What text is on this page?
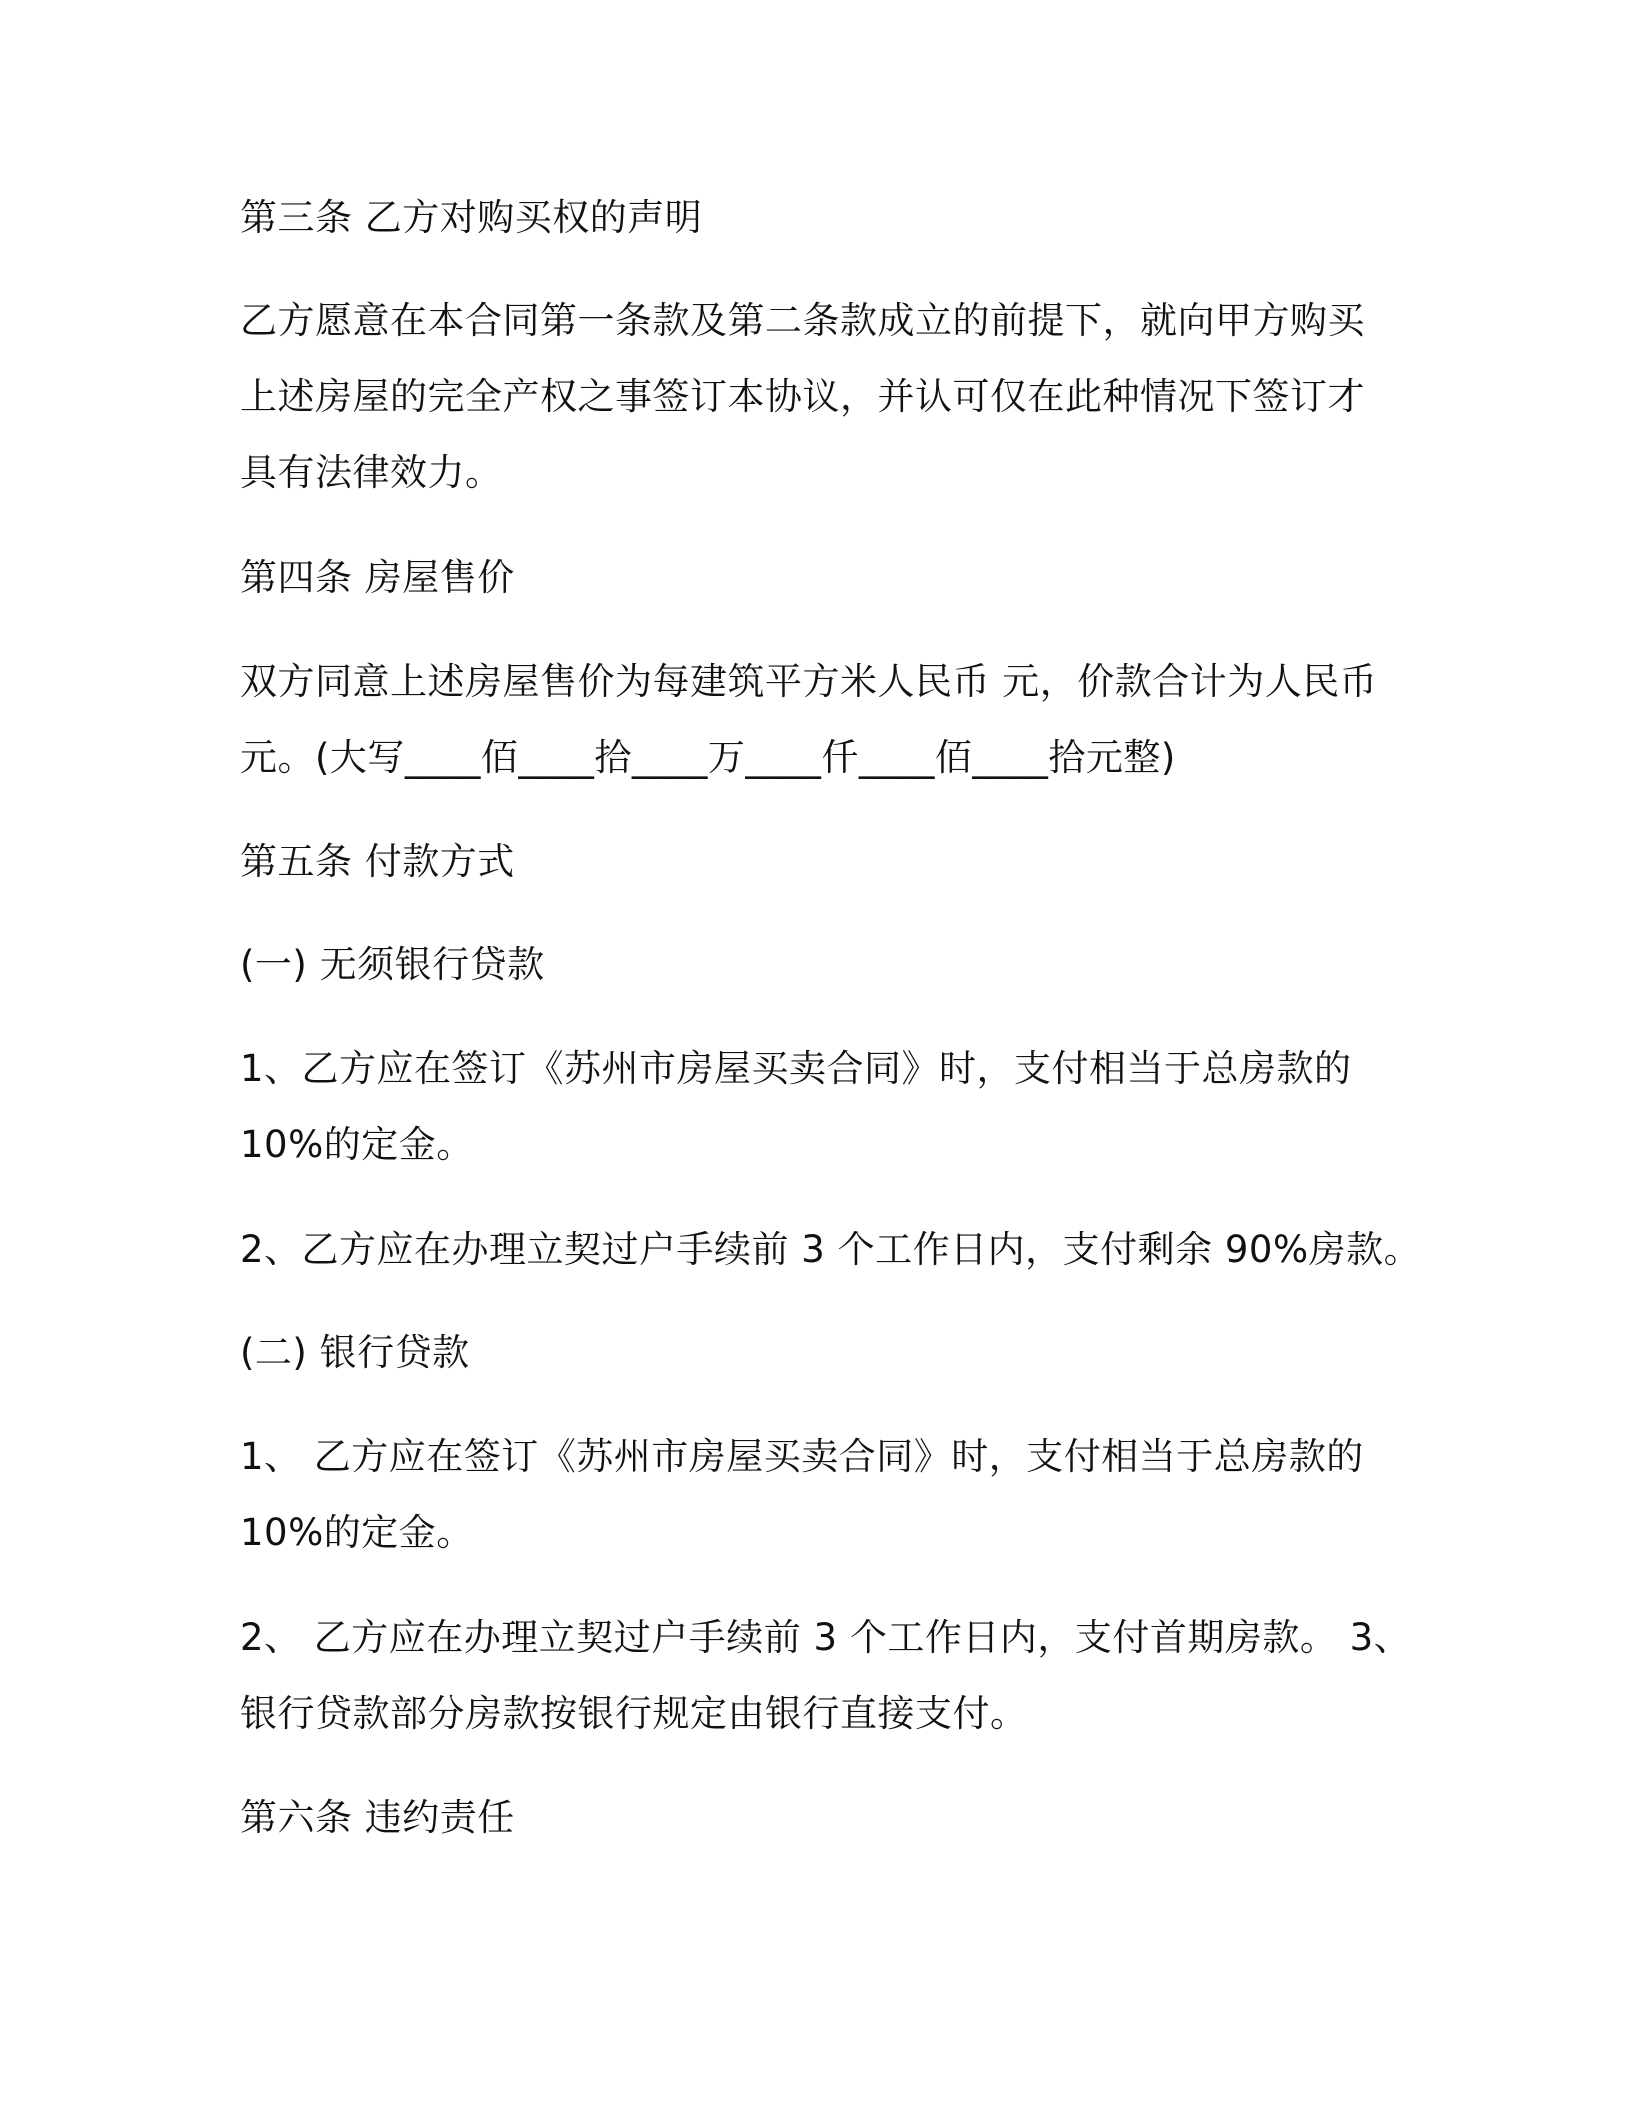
第三条 乙方对购买权的声明
乙方愿意在本合同第一条款及第二条款成立的前提下，就向甲方购买
上述房屋的完全产权之事签订本协议，并认可仅在此种情况下签订才
具有法律效力。
第四条 房屋售价
双方同意上述房屋售价为每建筑平方米人民币 元，价款合计为人民币
元。(大写____佰____拾____万____仟____佰____拾元整)
第五条 付款方式
(一) 无须银行贷款
1、乙方应在签订《苏州市房屋买卖合同》时，支付相当于总房款的
10%的定金。
2、乙方应在办理立契过户手续前 3 个工作日内，支付剩余 90%房款。
(二) 银行贷款
1、 乙方应在签订《苏州市房屋买卖合同》时，支付相当于总房款的
10%的定金。
2、 乙方应在办理立契过户手续前 3 个工作日内，支付首期房款。 3、
银行贷款部分房款按银行规定由银行直接支付。
第六条 违约责任
